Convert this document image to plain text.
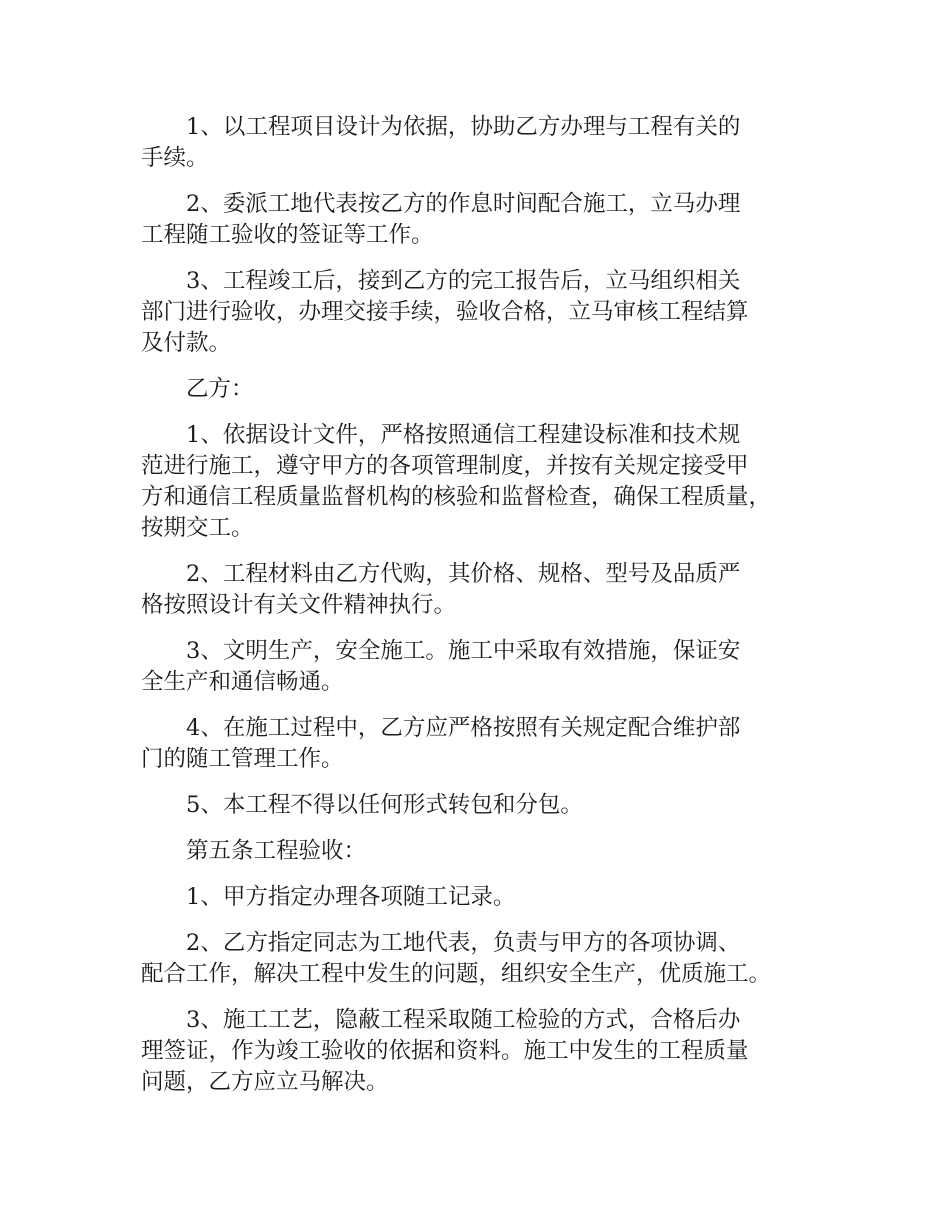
1、以工程项目设计为依据，协助乙方办理与工程有关的
手续。

2、委派工地代表按乙方的作息时间配合施工，立马办理
工程随工验收的签证等工作。

3、工程竣工后，接到乙方的完工报告后，立马组织相关
部门进行验收，办理交接手续，验收合格，立马审核工程结算
及付款。

乙方：

1、依据设计文件，严格按照通信工程建设标准和技术规
范进行施工，遵守甲方的各项管理制度，并按有关规定接受甲
方和通信工程质量监督机构的核验和监督检查，确保工程质量，
按期交工。

2、工程材料由乙方代购，其价格、规格、型号及品质严
格按照设计有关文件精神执行。

3、文明生产，安全施工。施工中采取有效措施，保证安
全生产和通信畅通。

4、在施工过程中，乙方应严格按照有关规定配合维护部
门的随工管理工作。

5、本工程不得以任何形式转包和分包。

第五条工程验收：

1、甲方指定办理各项随工记录。

2、乙方指定同志为工地代表，负责与甲方的各项协调、
配合工作，解决工程中发生的问题，组织安全生产，优质施工。

3、施工工艺，隐蔽工程采取随工检验的方式，合格后办
理签证，作为竣工验收的依据和资料。施工中发生的工程质量
问题，乙方应立马解决。
